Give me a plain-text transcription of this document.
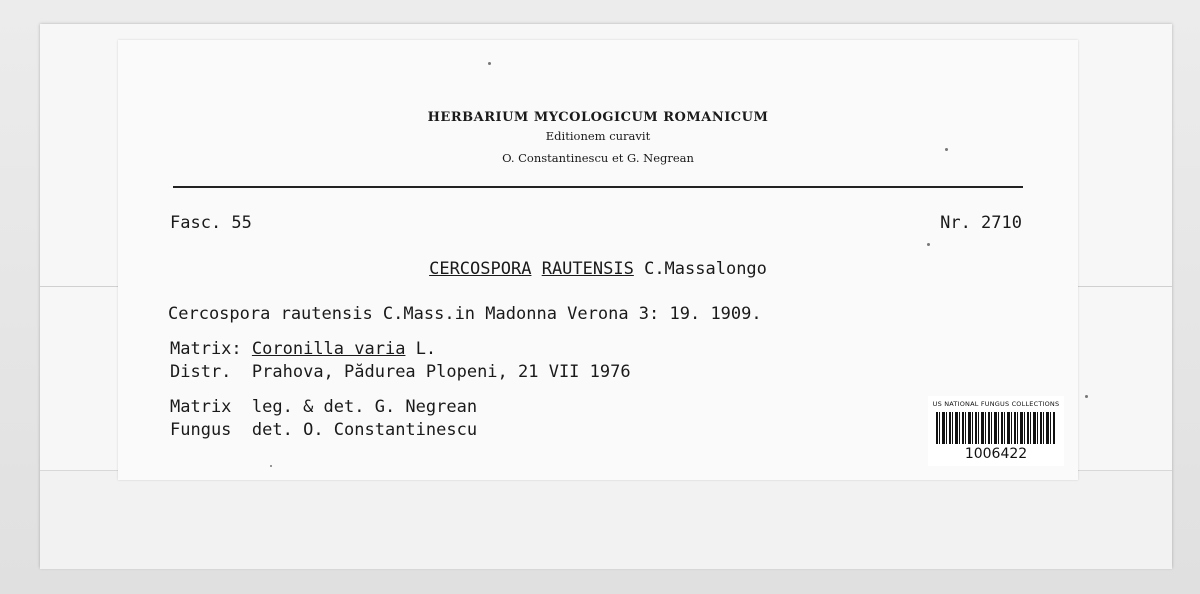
HERBARIUM MYCOLOGICUM ROMANICUM
Editionem curavit
O. Constantinescu et G. Negrean
Fasc. 55	Nr. 2710
CERCOSPORA RAUTENSIS C.Massalongo
Cercospora rautensis C.Mass.in Madonna Verona 3: 19. 1909.
Matrix: Coronilla varia L.
Distr. Prahova, Pădurea Plopeni, 21 VII 1976
Matrix leg. & det. G. Negrean
Fungus det. O. Constantinescu
US NATIONAL FUNGUS COLLECTIONS
1006422
